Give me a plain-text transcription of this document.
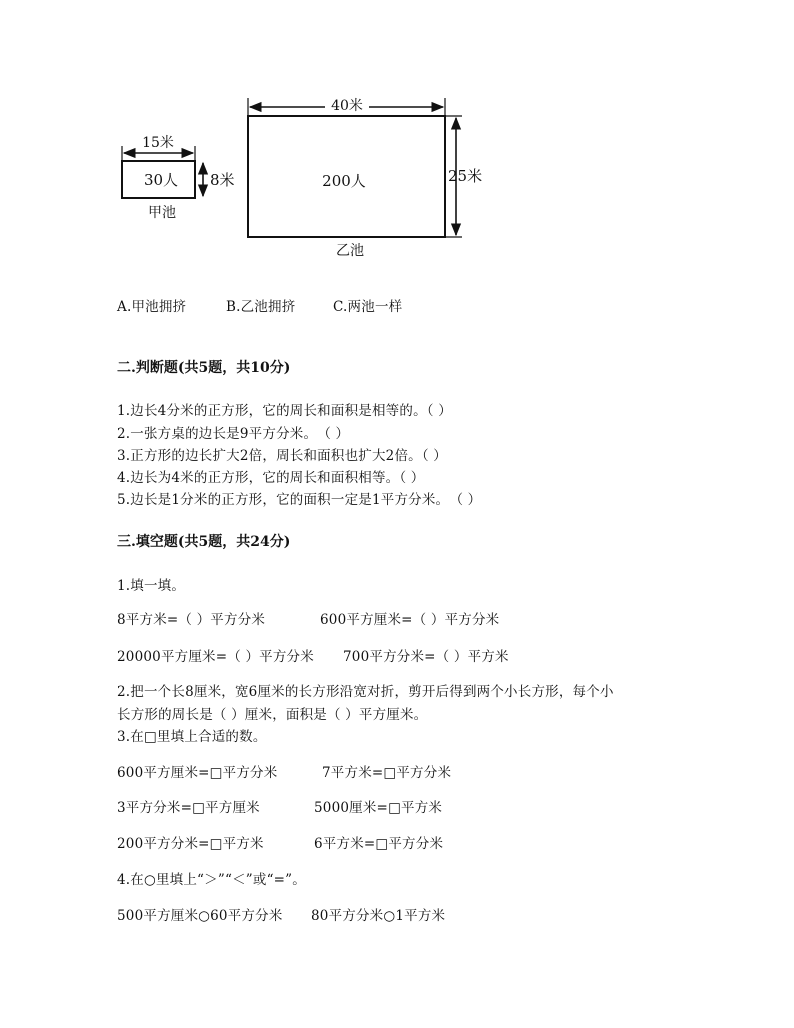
15米
8米
30人
甲池
40米
25米
200人
乙池
A.甲池拥挤	B.乙池拥挤	C.两池一样
二.判断题(共5题，共10分)
1.边长4分米的正方形，它的周长和面积是相等的。（ ）
2.一张方桌的边长是9平方分米。　（ ）
3.正方形的边长扩大2倍，周长和面积也扩大2倍。（ ）
4.边长为4米的正方形，它的周长和面积相等。（ ）
5.边长是1分米的正方形，它的面积一定是1平方分米。　（ ）
三.填空题(共5题，共24分)
1.填一填。
8平方米=（ ）平方分米	600平方厘米=（ ）平方分米
20000平方厘米=（ ）平方分米 700平方分米=（ ）平方米
2.把一个长8厘米，宽6厘米的长方形沿宽对折，剪开后得到两个小长方形，每个小
长方形的周长是（ ）厘米，面积是（ ）平方厘米。
3.在□里填上合适的数。
600平方厘米=□平方分米	7平方米=□平方分米
3平方分米=□平方厘米	5000厘米=□平方米
200平方分米=□平方米	6平方米=□平方分米
4.在○里填上“＞”“＜”或“=”。
500平方厘米○60平方分米 80平方分米○1平方米
